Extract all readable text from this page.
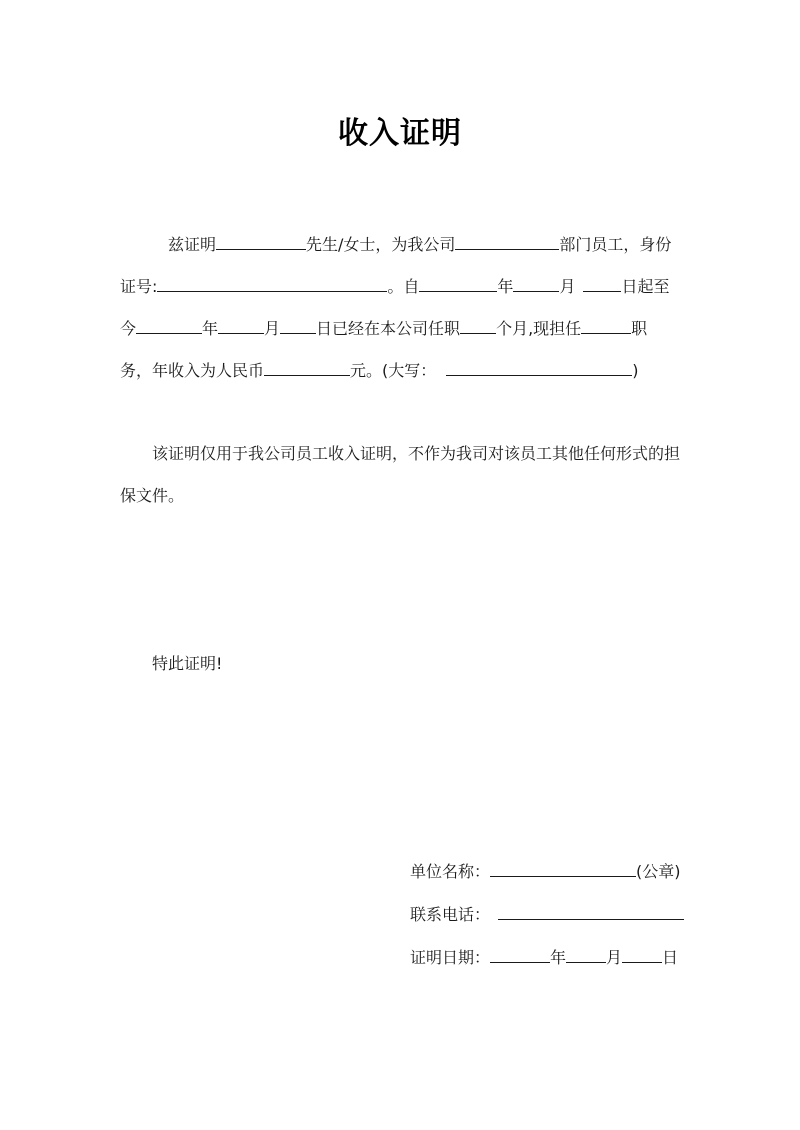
收入证明
兹证明	先生/女士，为我公司	部门员工，身份
证号:	。自	年	月	日起至
今	年	月 日已经在本公司任职 个月,现担任	职
务，年收入为人民币	元。(大写：	)
该证明仅用于我公司员工收入证明，不作为我司对该员工其他任何形式的担
保文件。
特此证明!
单位名称：	(公章)
联系电话：
证明日期：	年	月	日
